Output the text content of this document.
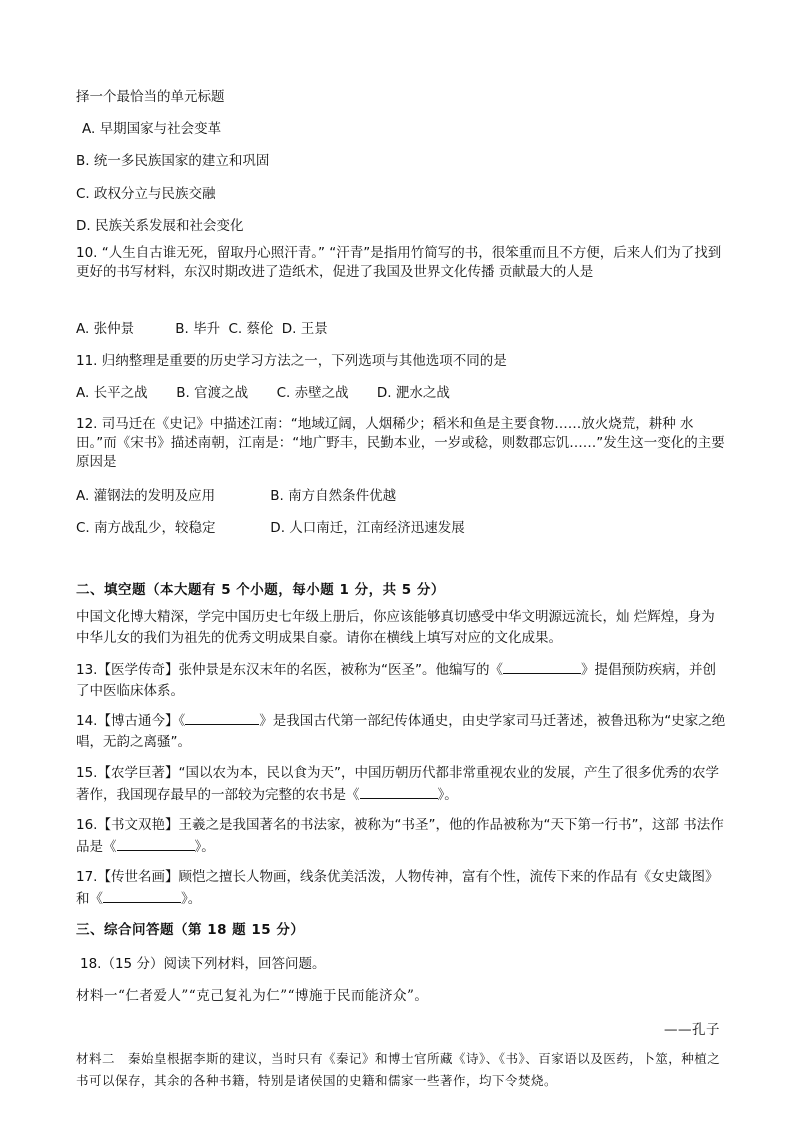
择一个最恰当的单元标题
A. 早期国家与社会变革
B. 统一多民族国家的建立和巩固
C. 政权分立与民族交融
D. 民族关系发展和社会变化
10. “人生自古谁无死，留取丹心照汗青。” “汗青”是指用竹简写的书，很笨重而且不方便，后来人们为了找到更好的书写材料，东汉时期改进了造纸术，促进了我国及世界文化传播 贡献最大的人是
A. 张仲景	B. 毕升 C. 蔡伦 D. 王景
11. 归纳整理是重要的历史学习方法之一，下列选项与其他选项不同的是
A. 长平之战 B. 官渡之战 C. 赤壁之战 D. 淝水之战
12. 司马迁在《史记》中描述江南：“地域辽阔，人烟稀少；稻米和鱼是主要食物……放火烧荒，耕种 水田。”而《宋书》描述南朝，江南是：“地广野丰，民勤本业，一岁或稔，则数郡忘饥……”发生这一变化的主要原因是
A. 灌钢法的发明及应用	B. 南方自然条件优越
C. 南方战乱少，较稳定	D. 人口南迁，江南经济迅速发展
二、填空题（本大题有 5 个小题，每小题 1 分，共 5 分）
中国文化博大精深，学完中国历史七年级上册后，你应该能够真切感受中华文明源远流长，灿 烂辉煌，身为中华儿女的我们为祖先的优秀文明成果自豪。请你在横线上填写对应的文化成果。
13.【医学传奇】张仲景是东汉末年的名医，被称为“医圣”。他编写的《	》提倡预防疾病，并创了中医临床体系。
14.【博古通今】《	》是我国古代第一部纪传体通史，由史学家司马迁著述，被鲁迅称为“史家之绝唱，无韵之离骚”。
15.【农学巨著】“国以农为本，民以食为天”，中国历朝历代都非常重视农业的发展，产生了很多优秀的农学著作，我国现存最早的一部较为完整的农书是《	》。
16.【书文双艳】王羲之是我国著名的书法家，被称为“书圣”，他的作品被称为“天下第一行书”，这部 书法作品是《	》。
17.【传世名画】顾恺之擅长人物画，线条优美活泼，人物传神，富有个性，流传下来的作品有《女史箴图》和《	》。
三、综合问答题（第 18 题 15 分）
18.（15 分）阅读下列材料，回答问题。
材料一“仁者爱人”“克己复礼为仁”“博施于民而能济众”。
——孔子
材料二　秦始皇根据李斯的建议，当时只有《秦记》和博士官所藏《诗》、《书》、百家语以及医药，卜筮，种植之书可以保存，其余的各种书籍，特别是诸侯国的史籍和儒家一些著作，均下令焚烧。
